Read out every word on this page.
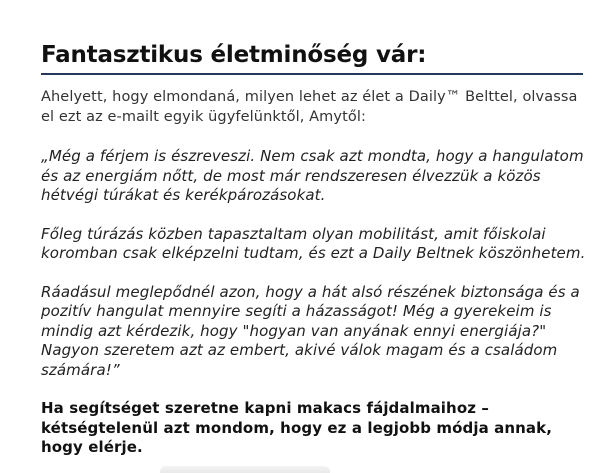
Fantasztikus életminőség vár:

Ahelyett, hogy elmondaná, milyen lehet az élet a Daily™ Belttel, olvassa el ezt az e-mailt egyik ügyfelünktől, Amytől:

„Még a férjem is észreveszi. Nem csak azt mondta, hogy a hangulatom és az energiám nőtt, de most már rendszeresen élvezzük a közös hétvégi túrákat és kerékpározásokat.

Főleg túrázás közben tapasztaltam olyan mobilitást, amit főiskolai koromban csak elképzelni tudtam, és ezt a Daily Beltnek köszönhetem.

Ráadásul meglepődnél azon, hogy a hát alsó részének biztonsága és a pozitív hangulat mennyire segíti a házasságot! Még a gyerekeim is mindig azt kérdezik, hogy "hogyan van anyának ennyi energiája?" Nagyon szeretem azt az embert, akivé válok magam és a családom számára!”

Ha segítséget szeretne kapni makacs fájdalmaihoz – kétségtelenül azt mondom, hogy ez a legjobb módja annak, hogy elérje.
